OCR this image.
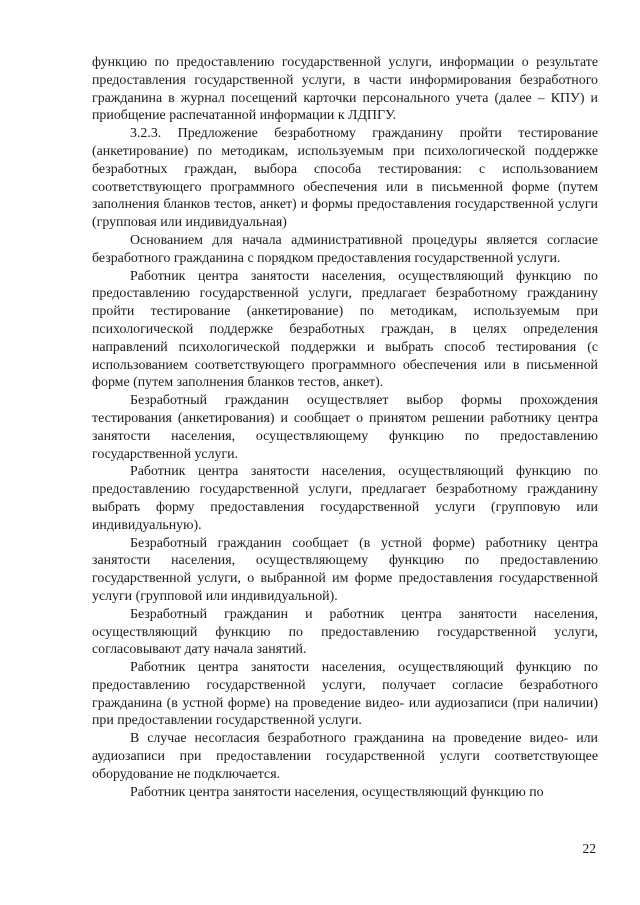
функцию по предоставлению государственной услуги, информации о результате предоставления государственной услуги, в части информирования безработного гражданина в журнал посещений карточки персонального учета (далее – КПУ) и приобщение распечатанной информации к ЛДПГУ.

3.2.3. Предложение безработному гражданину пройти тестирование (анкетирование) по методикам, используемым при психологической поддержке безработных граждан, выбора способа тестирования: с использованием соответствующего программного обеспечения или в письменной форме (путем заполнения бланков тестов, анкет) и формы предоставления государственной услуги (групповая или индивидуальная)

Основанием для начала административной процедуры является согласие безработного гражданина с порядком предоставления государственной услуги.

Работник центра занятости населения, осуществляющий функцию по предоставлению государственной услуги, предлагает безработному гражданину пройти тестирование (анкетирование) по методикам, используемым при психологической поддержке безработных граждан, в целях определения направлений психологической поддержки и выбрать способ тестирования (с использованием соответствующего программного обеспечения или в письменной форме (путем заполнения бланков тестов, анкет).

Безработный гражданин осуществляет выбор формы прохождения тестирования (анкетирования) и сообщает о принятом решении работнику центра занятости населения, осуществляющему функцию по предоставлению государственной услуги.

Работник центра занятости населения, осуществляющий функцию по предоставлению государственной услуги, предлагает безработному гражданину выбрать форму предоставления государственной услуги (групповую или индивидуальную).

Безработный гражданин сообщает (в устной форме) работнику центра занятости населения, осуществляющему функцию по предоставлению государственной услуги, о выбранной им форме предоставления государственной услуги (групповой или индивидуальной).

Безработный гражданин и работник центра занятости населения, осуществляющий функцию по предоставлению государственной услуги, согласовывают дату начала занятий.

Работник центра занятости населения, осуществляющий функцию по предоставлению государственной услуги, получает согласие безработного гражданина (в устной форме) на проведение видео- или аудиозаписи (при наличии) при предоставлении государственной услуги.

В случае несогласия безработного гражданина на проведение видео- или аудиозаписи при предоставлении государственной услуги соответствующее оборудование не подключается.

Работник центра занятости населения, осуществляющий функцию по

22
